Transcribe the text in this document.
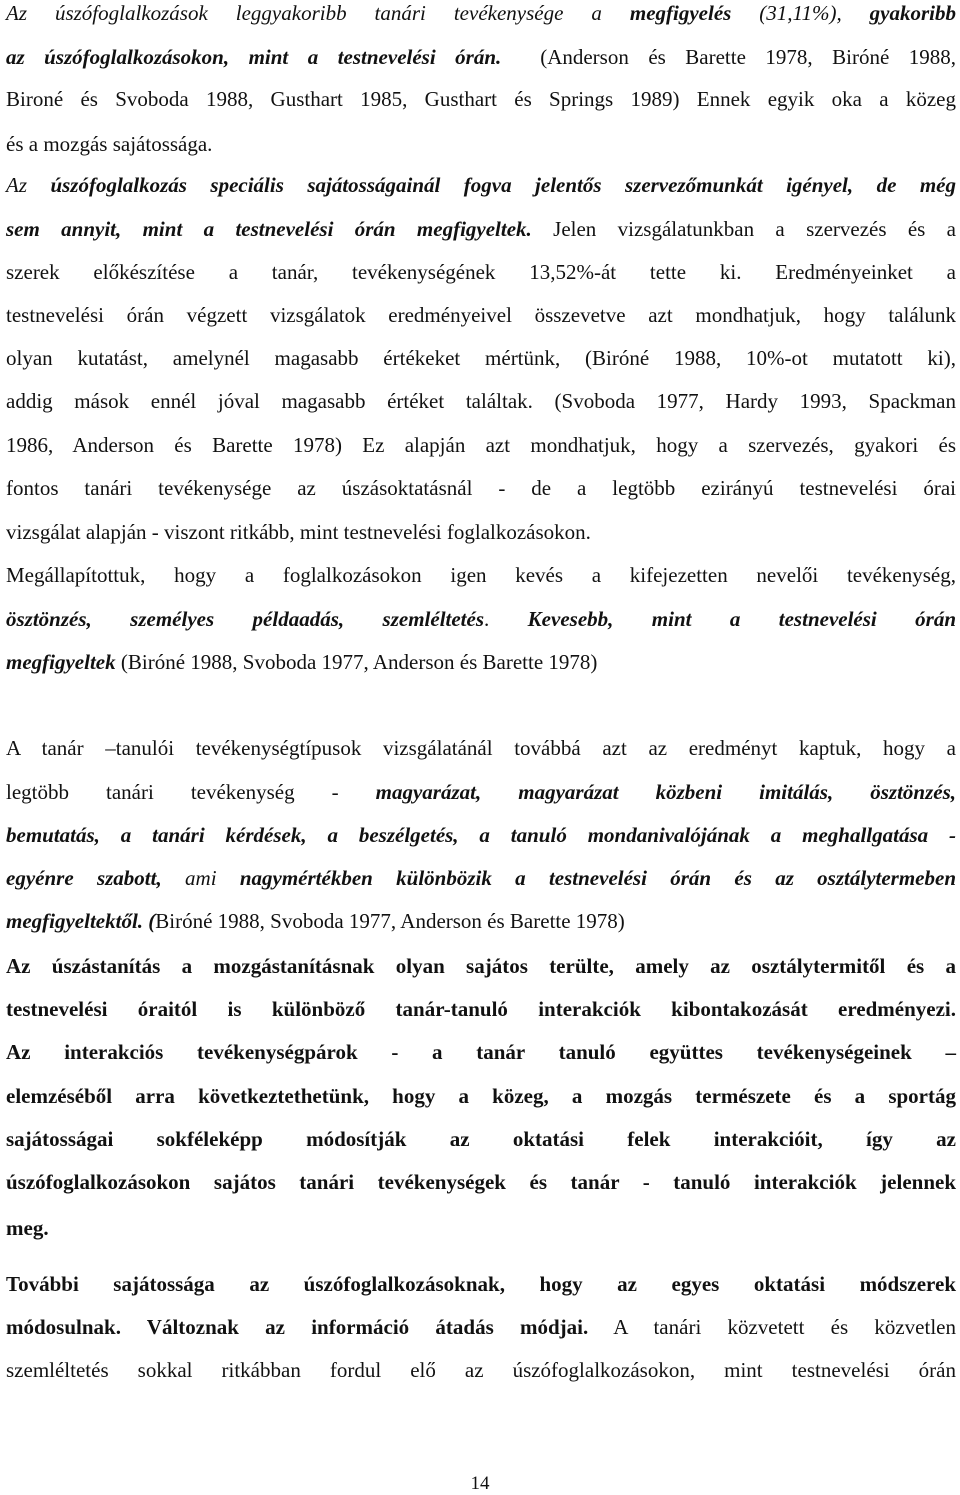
Az úszófoglalkozások leggyakoribb tanári tevékenysége a megfigyelés (31,11%), gyakoribb
az úszófoglalkozásokon, mint a testnevelési órán.  (Anderson és Barette 1978, Biróné 1988,
Bironé és Svoboda 1988, Gusthart 1985, Gusthart és Springs 1989) Ennek egyik oka a közeg
és a mozgás sajátossága.
Az úszófoglalkozás speciális sajátosságainál fogva jelentős szervezőmunkát igényel, de még
sem annyit, mint a testnevelési órán megfigyeltek. Jelen vizsgálatunkban a szervezés és a
szerek előkészítése a tanár, tevékenységének 13,52%-át tette ki. Eredményeinket a
testnevelési órán végzett vizsgálatok eredményeivel összevetve azt mondhatjuk, hogy találunk
olyan kutatást, amelynél magasabb értékeket mértünk, (Biróné 1988, 10%-ot mutatott ki),
addig mások ennél jóval magasabb értéket találtak. (Svoboda 1977, Hardy 1993, Spackman
1986, Anderson és Barette 1978) Ez alapján azt mondhatjuk, hogy a szervezés, gyakori és
fontos tanári tevékenysége az úszásoktatásnál - de a legtöbb ezirányú testnevelési órai
vizsgálat alapján - viszont ritkább, mint testnevelési foglalkozásokon.
Megállapítottuk, hogy a foglalkozásokon igen kevés a kifejezetten nevelői tevékenység,
ösztönzés, személyes példaadás, szemléltetés. Kevesebb, mint a testnevelési órán
megfigyeltek (Biróné 1988, Svoboda 1977, Anderson és Barette 1978)
A tanár –tanulói tevékenységtípusok vizsgálatánál továbbá azt az eredményt kaptuk, hogy a
legtöbb tanári tevékenység - magyarázat, magyarázat közbeni imitálás, ösztönzés,
bemutatás, a tanári kérdések, a beszélgetés, a tanuló mondanivalójának a meghallgatása -
egyénre szabott, ami nagymértékben különbözik a testnevelési órán és az osztálytermeben
megfigyeltektől. (Biróné 1988, Svoboda 1977, Anderson és Barette 1978)
Az úszástanítás a mozgástanításnak olyan sajátos terülte, amely az osztálytermitől és a
testnevelési óraitól is különböző tanár-tanuló interakciók kibontakozását eredményezi.
Az interakciós tevékenységpárok - a tanár tanuló együttes tevékenységeinek –
elemzéséből arra következtethetünk, hogy a közeg, a mozgás természete és a sportág
sajátosságai sokféleképp módosítják az oktatási felek interakcióit, így az
úszófoglalkozásokon sajátos tanári tevékenységek és tanár - tanuló interakciók jelennek
meg.
További sajátossága az úszófoglalkozásoknak, hogy az egyes oktatási módszerek
módosulnak. Változnak az információ átadás módjai. A tanári közvetett és közvetlen
szemléltetés sokkal ritkábban fordul elő az úszófoglalkozásokon, mint testnevelési órán
14
